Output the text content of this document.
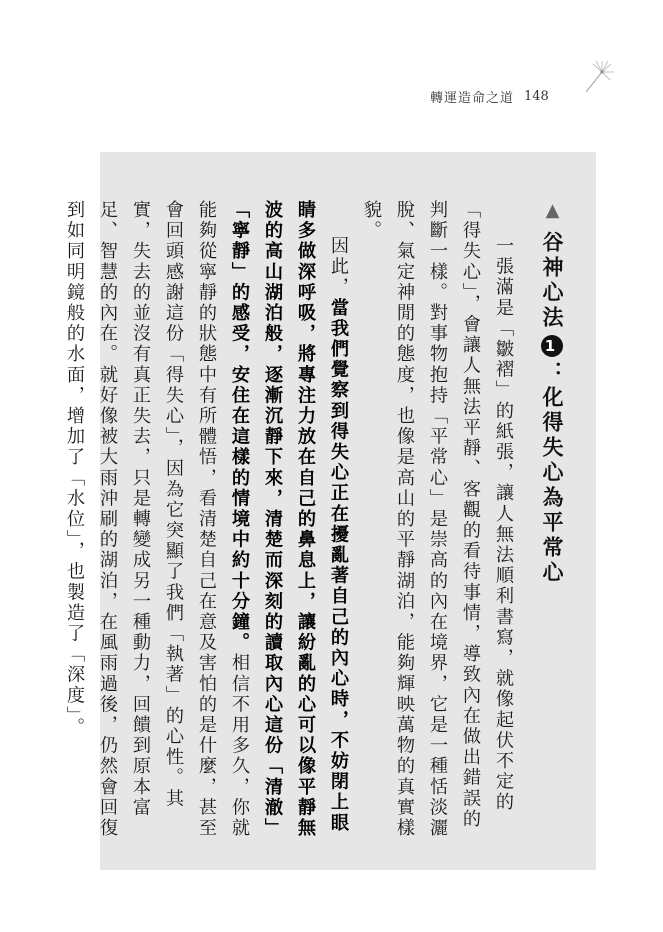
轉運造命之道 148
▲谷神心法1：化得失心為平常心
一張滿是「皺褶」的紙張，讓人無法順利書寫，就像起伏不定的「得失心」，會讓人無法平靜、客觀的看待事情，導致內在做出錯誤的判斷一樣。對事物抱持「平常心」是崇高的內在境界，它是一種恬淡灑脫、氣定神閒的態度，也像是高山的平靜湖泊，能夠輝映萬物的真實樣貌。
因此，當我們覺察到得失心正在擾亂著自己的內心時，不妨閉上眼睛多做深呼吸，將專注力放在自己的鼻息上，讓紛亂的心可以像平靜無波的高山湖泊般，逐漸沉靜下來，清楚而深刻的讀取內心這份「清澈」「寧靜」的感受，安住在這樣的情境中約十分鐘。相信不用多久，你就能夠從寧靜的狀態中有所體悟，看清楚自己在意及害怕的是什麼，甚至會回頭感謝這份「得失心」，因為它突顯了我們「執著」的心性。其實，失去的並沒有真正失去，只是轉變成另一種動力，回饋到原本富足、智慧的內在。就好像被大雨沖刷的湖泊，在風雨過後，仍然會回復到如同明鏡般的水面，增加了「水位」，也製造了「深度」。
